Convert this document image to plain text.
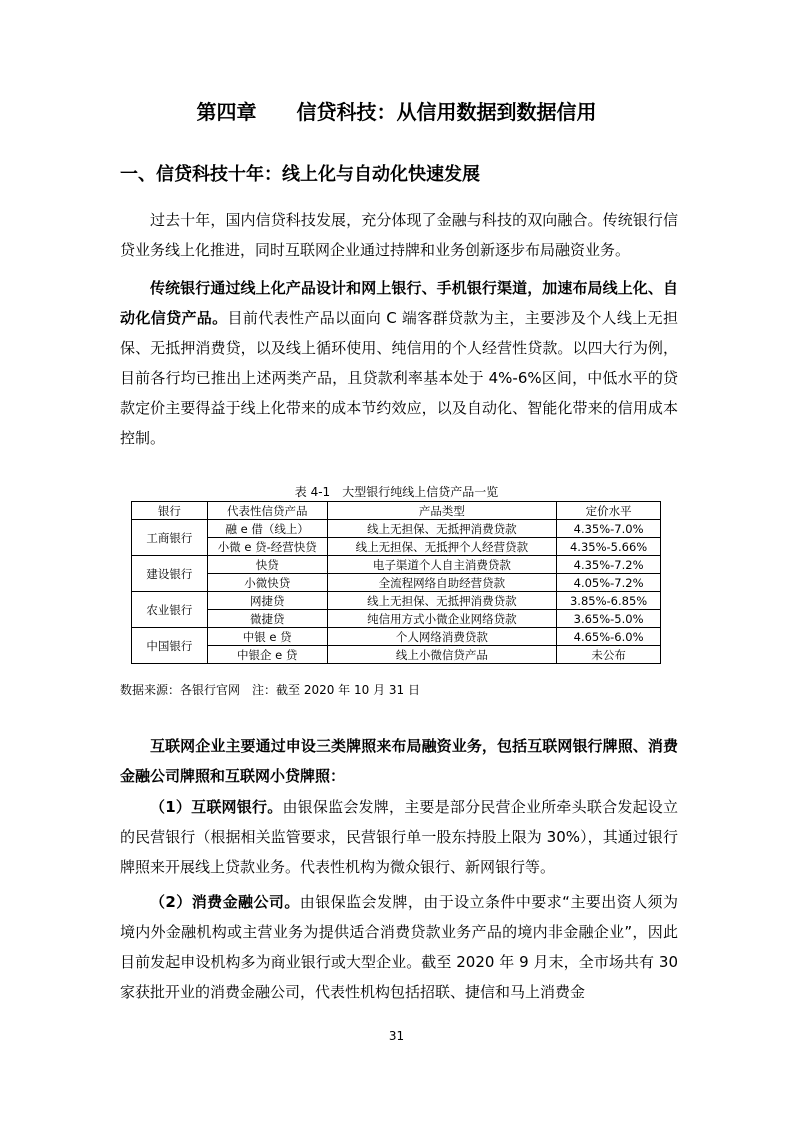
第四章　　信贷科技：从信用数据到数据信用
一、信贷科技十年：线上化与自动化快速发展

过去十年，国内信贷科技发展，充分体现了金融与科技的双向融合。传统银行信贷业务线上化推进，同时互联网企业通过持牌和业务创新逐步布局融资业务。

传统银行通过线上化产品设计和网上银行、手机银行渠道，加速布局线上化、自动化信贷产品。目前代表性产品以面向 C 端客群贷款为主，主要涉及个人线上无担保、无抵押消费贷，以及线上循环使用、纯信用的个人经营性贷款。以四大行为例，目前各行均已推出上述两类产品，且贷款利率基本处于 4%-6%区间，中低水平的贷款定价主要得益于线上化带来的成本节约效应，以及自动化、智能化带来的信用成本控制。

表 4-1　大型银行纯线上信贷产品一览
银行	代表性信贷产品	产品类型	定价水平
工商银行	融 e 借（线上）	线上无担保、无抵押消费贷款	4.35%-7.0%
	小微 e 贷-经营快贷	线上无担保、无抵押个人经营贷款	4.35%-5.66%
建设银行	快贷	电子渠道个人自主消费贷款	4.35%-7.2%
	小微快贷	全流程网络自助经营贷款	4.05%-7.2%
农业银行	网捷贷	线上无担保、无抵押消费贷款	3.85%-6.85%
	微捷贷	纯信用方式小微企业网络贷款	3.65%-5.0%
中国银行	中银 e 贷	个人网络消费贷款	4.65%-6.0%
	中银企 e 贷	线上小微信贷产品	未公布
数据来源：各银行官网　注：截至 2020 年 10 月 31 日

互联网企业主要通过申设三类牌照来布局融资业务，包括互联网银行牌照、消费金融公司牌照和互联网小贷牌照：

（1）互联网银行。由银保监会发牌，主要是部分民营企业所牵头联合发起设立的民营银行（根据相关监管要求，民营银行单一股东持股上限为 30%），其通过银行牌照来开展线上贷款业务。代表性机构为微众银行、新网银行等。

（2）消费金融公司。由银保监会发牌，由于设立条件中要求“主要出资人须为境内外金融机构或主营业务为提供适合消费贷款业务产品的境内非金融企业”，因此目前发起申设机构多为商业银行或大型企业。截至 2020 年 9 月末，全市场共有 30 家获批开业的消费金融公司，代表性机构包括招联、捷信和马上消费金

31
